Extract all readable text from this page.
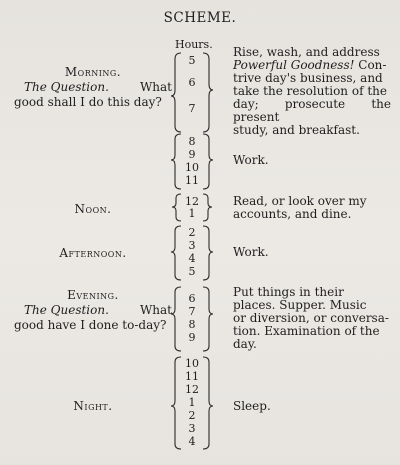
SCHEME.
Hours.
Morning.
The Question.	What
good shall I do this day?
5
6
7
Rise, wash, and address
Powerful Goodness! Con-
trive day's business, and
take the resolution of the
day; prosecute the present
study, and breakfast.
8
9
10
11
Work.
Noon.
12
1
Read, or look over my
accounts, and dine.
Afternoon.
2
3
4
5
Work.
Evening.
The Question.	What
good have I done to-day?
6
7
8
9
Put things in their
places. Supper. Music
or diversion, or conversa-
tion. Examination of the
day.
Night.
10
11
12
1
2
3
4
Sleep.
